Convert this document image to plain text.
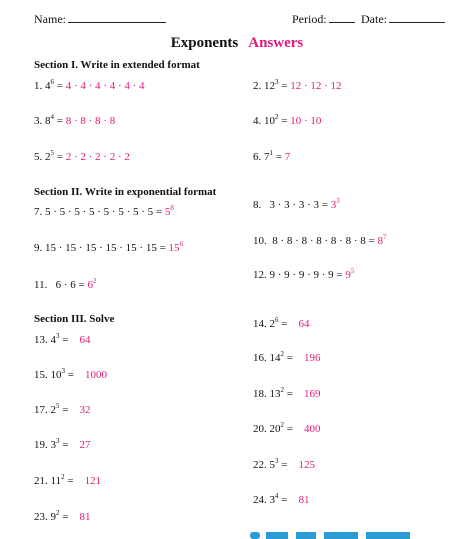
Name:	Period:	Date:
Exponents Answers
Section I. Write in extended format
Section II. Write in exponential format
Section III. Solve
1. $4^6 = 4 \cdot 4 \cdot 4 \cdot 4 \cdot 4 \cdot 4$	2. $12^3 = 12 \cdot 12 \cdot 12$
3. $8^4 = 8 \cdot 8 \cdot 8 \cdot 8$	4. $10^2 = 10 \cdot 10$
5. $2^5 = 2 \cdot 2 \cdot 2 \cdot 2 \cdot 2$	6. $7^1 = 7$
7. $5 \cdot 5 \cdot 5 \cdot 5 \cdot 5 \cdot 5 \cdot 5 \cdot 5 = 5^8$	8. $3 \cdot 3 \cdot 3 \cdot 3 = 3^3$
9. $15 \cdot 15 \cdot 15 \cdot 15 \cdot 15 \cdot 15 = 15^6$	10. $8 \cdot 8 \cdot 8 \cdot 8 \cdot 8 \cdot 8 \cdot 8 = 8^7$
11. $6 \cdot 6 = 6^2$	12. $9 \cdot 9 \cdot 9 \cdot 9 \cdot 9 = 9^5$
13. $4^3$ =    64
14. $2^6$ =    64
15. $10^3$ =    1000
16. $14^2$ =    196
17. $2^5$ =    32
18. $13^2$ =    169
19. $3^3$ =    27
20. $20^2$ =    400
21. $11^2$ =    121
22. $5^3$ =    125
23. $9^2$ =    81
24. $3^4$ =    81
